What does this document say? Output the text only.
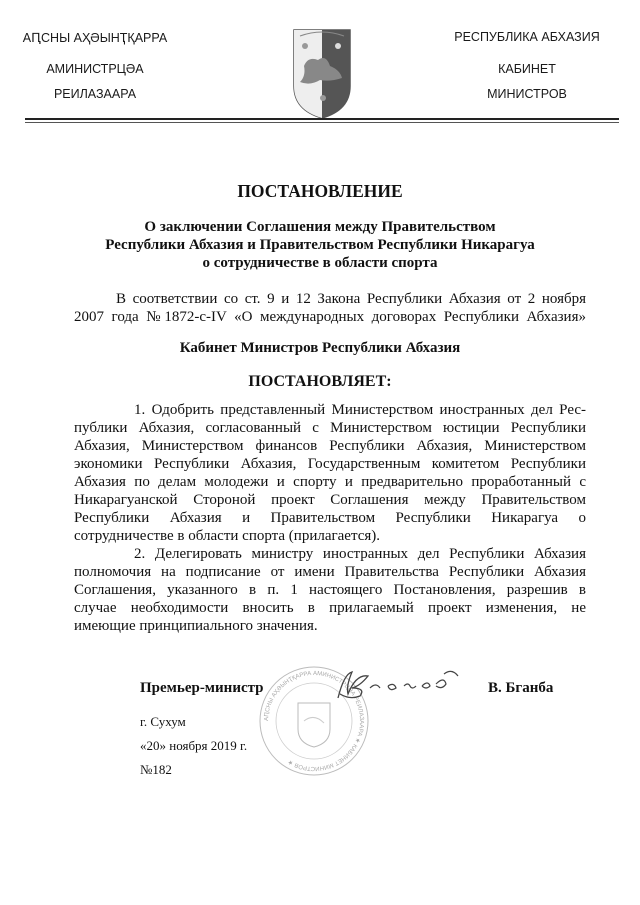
АԤСНЫ АҲӘЫНҬҚАРРА
АМИНИСТРЦӘА
РЕИЛАЗААРА
РЕСПУБЛИКА АБХАЗИЯ
КАБИНЕТ
МИНИСТРОВ
ПОСТАНОВЛЕНИЕ
О заключении Соглашения между Правительством
Республики Абхазия и Правительством Республики Никарагуа
о сотрудничестве в области спорта
В соответствии со ст. 9 и 12 Закона Республики Абхазия от 2 ноября
2007 года №1872-с-IV «О международных договорах Республики Абхазия»
Кабинет Министров Республики Абхазия
ПОСТАНОВЛЯЕТ:
1. Одобрить представленный Министерством иностранных дел Рес-
публики Абхазия, согласованный с Министерством юстиции Республики
Абхазия, Министерством финансов Республики Абхазия, Министерством
экономики Республики Абхазия, Государственным комитетом Республики
Абхазия по делам молодежи и спорту и предварительно проработанный с
Никарагуанской Стороной проект Соглашения между Правительством
Республики Абхазия и Правительством Республики Никарагуа о
сотрудничестве в области спорта (прилагается).
2. Делегировать министру иностранных дел Республики Абхазия
полномочия на подписание от имени Правительства Республики Абхазия
Соглашения, указанного в п. 1 настоящего Постановления, разрешив в
случае необходимости вносить в прилагаемый проект изменения, не
имеющие принципиального значения.
АԤСНЫ АҲӘЫНҬҚАРРА АМИНИСТРЦӘА РЕИЛАЗААРА ★ КАБИНЕТ МИНИСТРОВ ★
Премьер-министр	В. Бганба
г. Сухум
«20» ноября 2019 г.
№182
